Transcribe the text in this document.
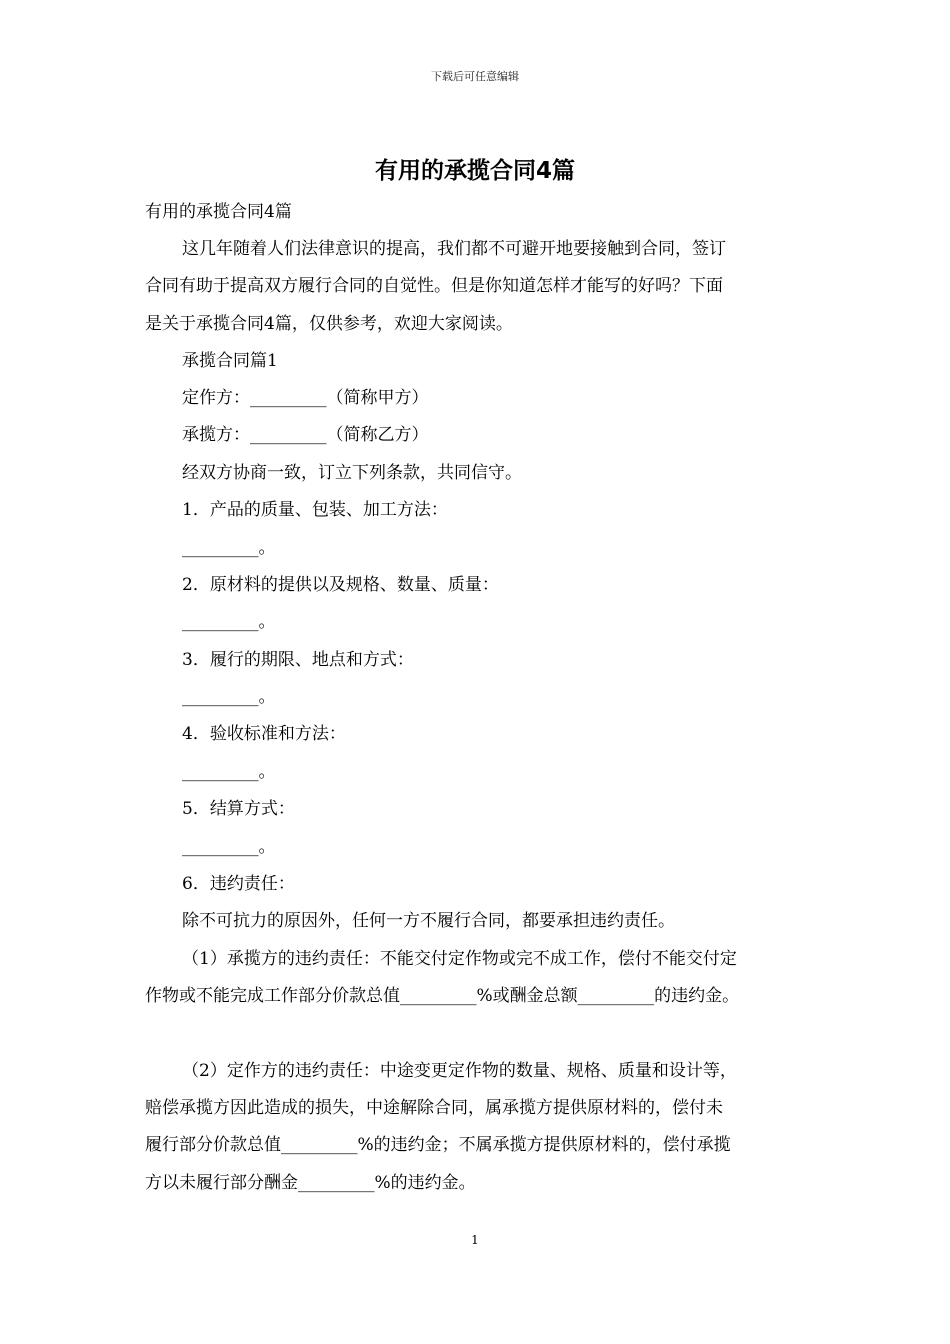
下载后可任意编辑
有用的承揽合同4篇
有用的承揽合同4篇
这几年随着人们法律意识的提高，我们都不可避开地要接触到合同，签订
合同有助于提高双方履行合同的自觉性。但是你知道怎样才能写的好吗？下面
是关于承揽合同4篇，仅供参考，欢迎大家阅读。
承揽合同篇1
定作方：_________（简称甲方）
承揽方：_________（简称乙方）
经双方协商一致，订立下列条款，共同信守。
1．产品的质量、包装、加工方法：
_________。
2．原材料的提供以及规格、数量、质量：
_________。
3．履行的期限、地点和方式：
_________。
4．验收标准和方法：
_________。
5．结算方式：
_________。
6．违约责任：
除不可抗力的原因外，任何一方不履行合同，都要承担违约责任。
（1）承揽方的违约责任：不能交付定作物或完不成工作，偿付不能交付定
作物或不能完成工作部分价款总值_________%或酬金总额_________的违约金。
（2）定作方的违约责任：中途变更定作物的数量、规格、质量和设计等，
赔偿承揽方因此造成的损失，中途解除合同，属承揽方提供原材料的，偿付未
履行部分价款总值_________%的违约金；不属承揽方提供原材料的，偿付承揽
方以未履行部分酬金_________%的违约金。
1
